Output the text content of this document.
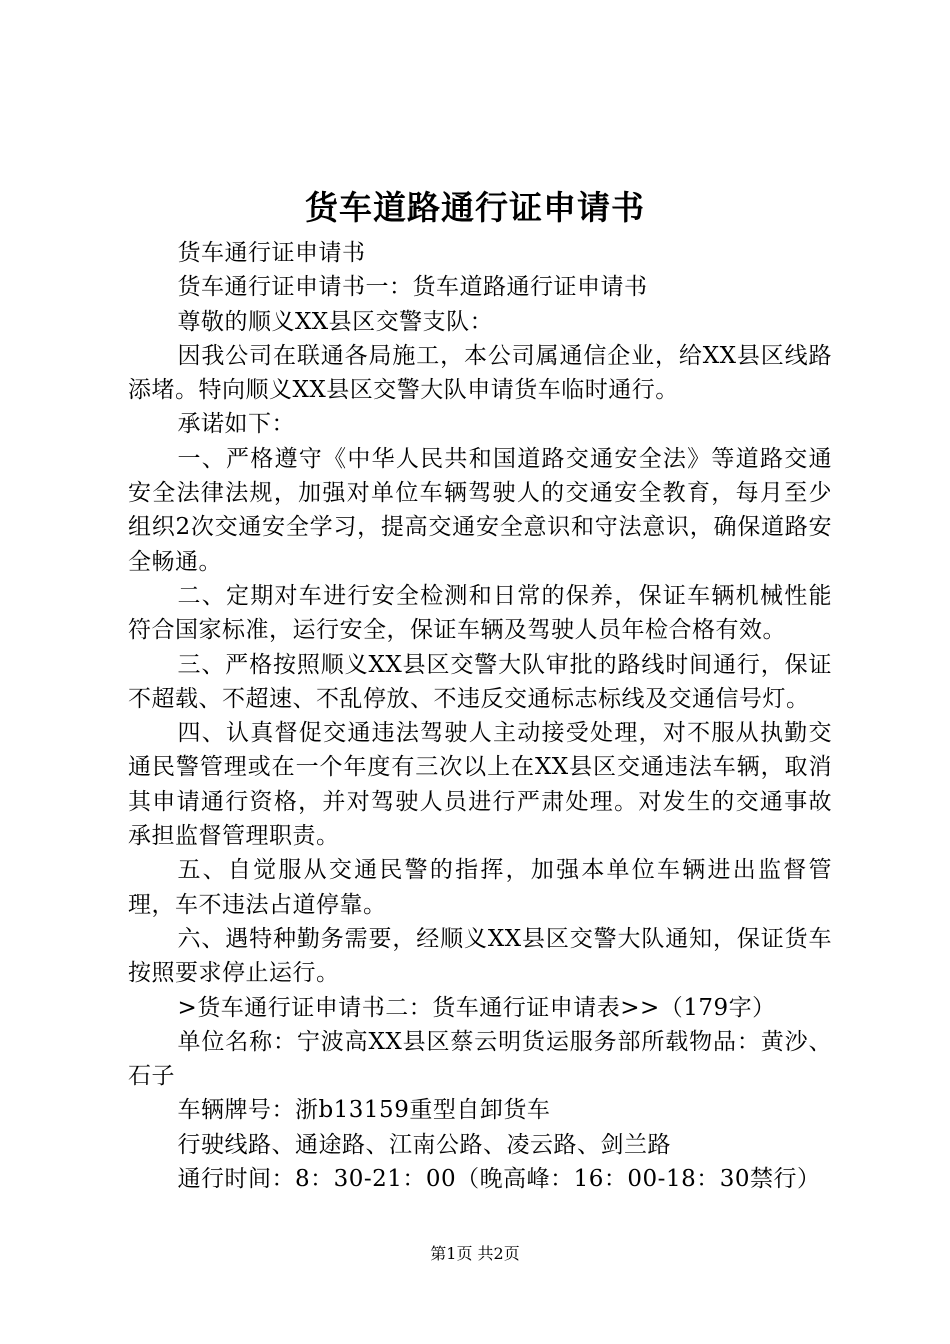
货车道路通行证申请书

货车通行证申请书

货车通行证申请书一：货车道路通行证申请书

尊敬的顺义XX县区交警支队：

因我公司在联通各局施工，本公司属通信企业，给XX县区线路添堵。特向顺义XX县区交警大队申请货车临时通行。

承诺如下：

一、严格遵守《中华人民共和国道路交通安全法》等道路交通安全法律法规，加强对单位车辆驾驶人的交通安全教育，每月至少组织2次交通安全学习，提高交通安全意识和守法意识，确保道路安全畅通。

二、定期对车进行安全检测和日常的保养，保证车辆机械性能符合国家标准，运行安全，保证车辆及驾驶人员年检合格有效。

三、严格按照顺义XX县区交警大队审批的路线时间通行，保证不超载、不超速、不乱停放、不违反交通标志标线及交通信号灯。

四、认真督促交通违法驾驶人主动接受处理，对不服从执勤交通民警管理或在一个年度有三次以上在XX县区交通违法车辆，取消其申请通行资格，并对驾驶人员进行严肃处理。对发生的交通事故承担监督管理职责。

五、自觉服从交通民警的指挥，加强本单位车辆进出监督管理，车不违法占道停靠。

六、遇特种勤务需要，经顺义XX县区交警大队通知，保证货车按照要求停止运行。

>货车通行证申请书二：货车通行证申请表>>（179字）

单位名称：宁波高XX县区蔡云明货运服务部所载物品：黄沙、石子

车辆牌号：浙b13159重型自卸货车

行驶线路、通途路、江南公路、凌云路、剑兰路

通行时间：8：30-21：00（晚高峰：16：00-18：30禁行）

第1页 共2页
